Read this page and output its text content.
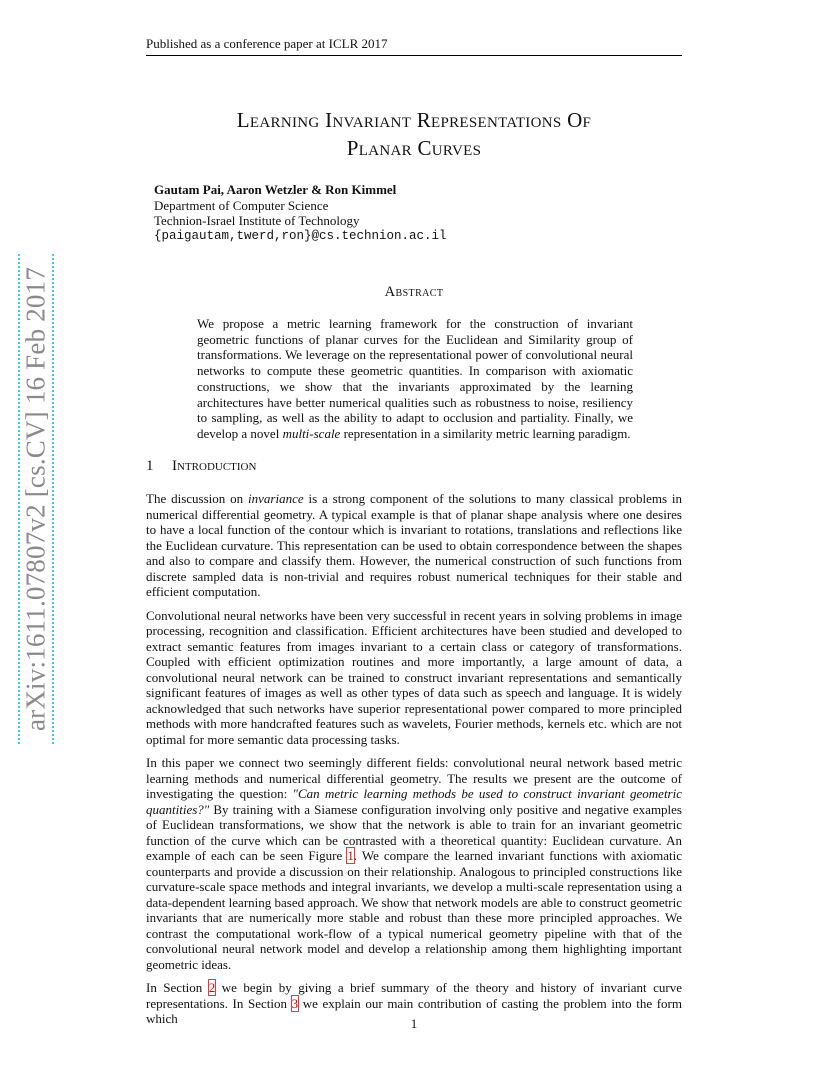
Published as a conference paper at ICLR 2017
arXiv:1611.07807v2 [cs.CV] 16 Feb 2017
Learning Invariant Representations Of
Planar Curves
Gautam Pai, Aaron Wetzler & Ron Kimmel
Department of Computer Science
Technion-Israel Institute of Technology
{paigautam,twerd,ron}@cs.technion.ac.il
Abstract

We propose a metric learning framework for the construction of invariant geometric functions of planar curves for the Euclidean and Similarity group of transformations. We leverage on the representational power of convolutional neural networks to compute these geometric quantities. In comparison with axiomatic constructions, we show that the invariants approximated by the learning architectures have better numerical qualities such as robustness to noise, resiliency to sampling, as well as the ability to adapt to occlusion and partiality. Finally, we develop a novel multi-scale representation in a similarity metric learning paradigm.

1 Introduction

The discussion on invariance is a strong component of the solutions to many classical problems in numerical differential geometry. A typical example is that of planar shape analysis where one desires to have a local function of the contour which is invariant to rotations, translations and reflections like the Euclidean curvature. This representation can be used to obtain correspondence between the shapes and also to compare and classify them. However, the numerical construction of such functions from discrete sampled data is non-trivial and requires robust numerical techniques for their stable and efficient computation.

Convolutional neural networks have been very successful in recent years in solving problems in image processing, recognition and classification. Efficient architectures have been studied and developed to extract semantic features from images invariant to a certain class or category of transformations. Coupled with efficient optimization routines and more importantly, a large amount of data, a convolutional neural network can be trained to construct invariant representations and semantically significant features of images as well as other types of data such as speech and language. It is widely acknowledged that such networks have superior representational power compared to more principled methods with more handcrafted features such as wavelets, Fourier methods, kernels etc. which are not optimal for more semantic data processing tasks.

In this paper we connect two seemingly different fields: convolutional neural network based metric learning methods and numerical differential geometry. The results we present are the outcome of investigating the question: "Can metric learning methods be used to construct invariant geometric quantities?" By training with a Siamese configuration involving only positive and negative examples of Euclidean transformations, we show that the network is able to train for an invariant geometric function of the curve which can be contrasted with a theoretical quantity: Euclidean curvature. An example of each can be seen Figure 1. We compare the learned invariant functions with axiomatic counterparts and provide a discussion on their relationship. Analogous to principled constructions like curvature-scale space methods and integral invariants, we develop a multi-scale representation using a data-dependent learning based approach. We show that network models are able to construct geometric invariants that are numerically more stable and robust than these more principled approaches. We contrast the computational work-flow of a typical numerical geometry pipeline with that of the convolutional neural network model and develop a relationship among them highlighting important geometric ideas.

In Section 2 we begin by giving a brief summary of the theory and history of invariant curve representations. In Section 3 we explain our main contribution of casting the problem into the form which	1
